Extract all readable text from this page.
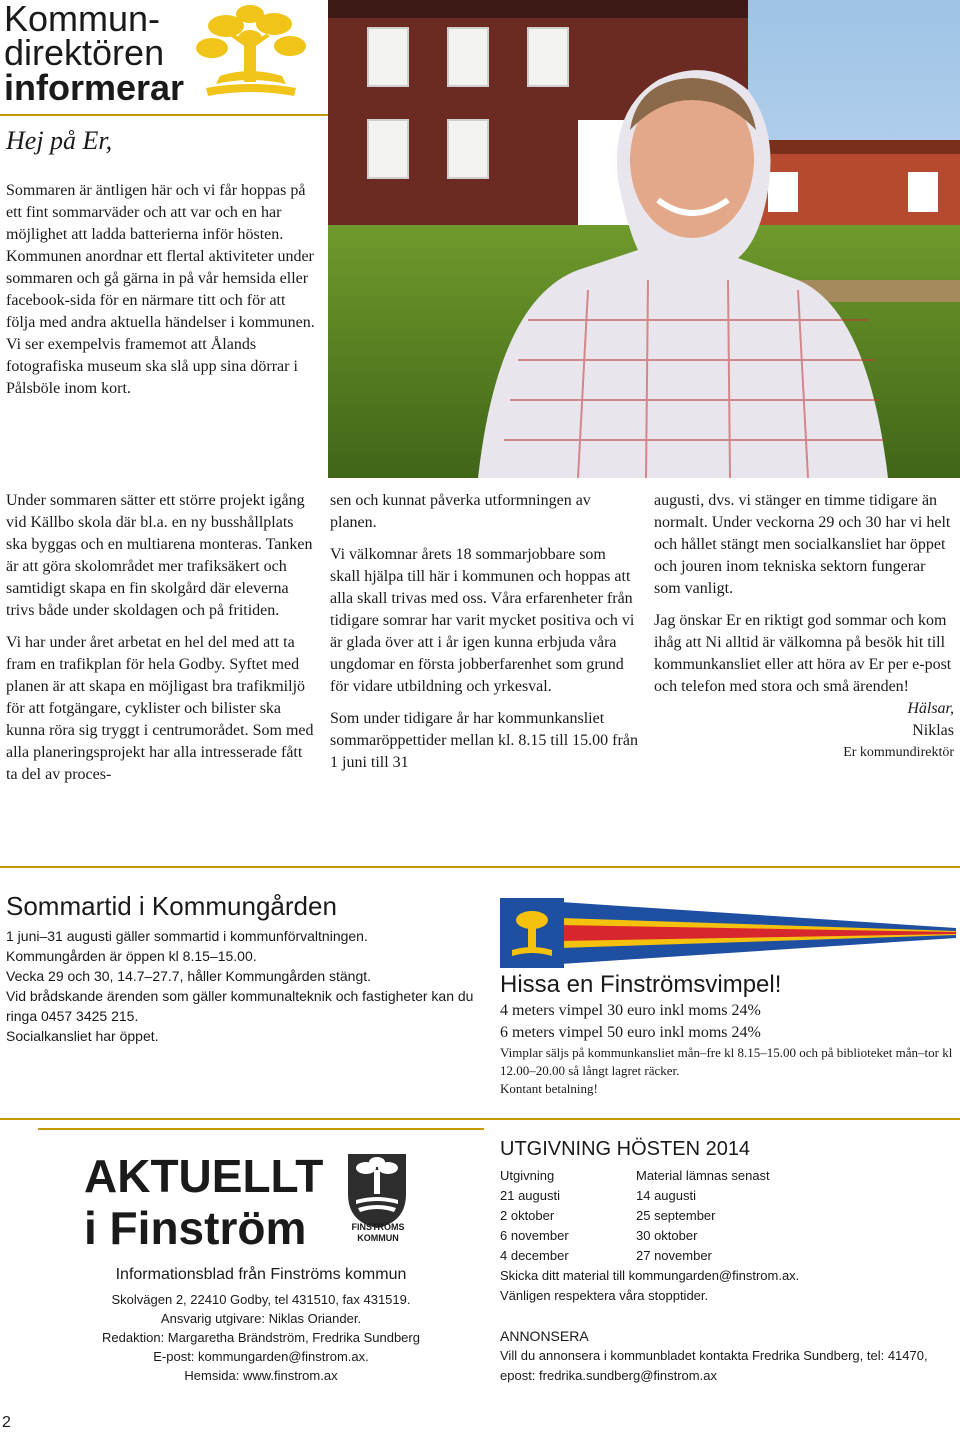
Kommun-
direktören
informerar
Hej på Er,

Sommaren är äntligen här och vi får hoppas på ett fint sommarväder och att var och en har möjlighet att ladda batterierna inför hösten.

Kommunen anordnar ett flertal aktiviteter under sommaren och gå gärna in på vår hemsida eller facebook-sida för en närmare titt och för att följa med andra aktuella händelser i kommunen.

Vi ser exempelvis framemot att Ålands fotografiska museum ska slå upp sina dörrar i Pålsböle inom kort.

Under sommaren sätter ett större projekt igång vid Källbo skola där bl.a. en ny busshållplats ska byggas och en multiarena monteras. Tanken är att göra skolområdet mer trafiksäkert och samtidigt skapa en fin skolgård där eleverna trivs både under skoldagen och på fritiden.

Vi har under året arbetat en hel del med att ta fram en trafikplan för hela Godby. Syftet med planen är att skapa en möjligast bra trafikmiljö för att fotgängare, cyklister och bilister ska kunna röra sig tryggt i centrumorådet. Som med alla planeringsprojekt har alla intresserade fått ta del av proces-

sen och kunnat påverka utformningen av planen.

Vi välkomnar årets 18 sommarjobbare som skall hjälpa till här i kommunen och hoppas att alla skall trivas med oss. Våra erfarenheter från tidigare somrar har varit mycket positiva och vi är glada över att i år igen kunna erbjuda våra ungdomar en första jobberfarenhet som grund för vidare utbildning och yrkesval.

Som under tidigare år har kommunkansliet sommaröppettider mellan kl. 8.15 till 15.00 från 1 juni till 31

augusti, dvs. vi stänger en timme tidigare än normalt. Under veckorna 29 och 30 har vi helt och hållet stängt men socialkansliet har öppet och jouren inom tekniska sektorn fungerar som vanligt.

Jag önskar Er en riktigt god sommar och kom ihåg att Ni alltid är välkomna på besök hit till kommunkansliet eller att höra av Er per e-post och telefon med stora och små ärenden!

Hälsar,
Niklas
Er kommundirektör
Sommartid i Kommungården
1 juni–31 augusti gäller sommartid i kommunförvaltningen.
Kommungården är öppen kl 8.15–15.00.
Vecka 29 och 30, 14.7–27.7, håller Kommungården stängt.
Vid brådskande ärenden som gäller kommunalteknik och fastigheter kan du ringa 0457 3425 215.
Socialkansliet har öppet.
Hissa en Finströmsvimpel!
4 meters vimpel 30 euro inkl moms 24%
6 meters vimpel 50 euro inkl moms 24%
Vimplar säljs på kommunkansliet mån–fre kl 8.15–15.00 och på biblioteket mån–tor kl 12.00–20.00 så långt lagret räcker.
Kontant betalning!
AKTUELLT
i Finström	FINSTRÖMS
KOMMUN
Informationsblad från Finströms kommun
Skolvägen 2, 22410 Godby, tel 431510, fax 431519.
Ansvarig utgivare: Niklas Oriander.
Redaktion: Margaretha Brändström, Fredrika Sundberg
E-post: kommungarden@finstrom.ax.
Hemsida: www.finstrom.ax
UTGIVNING HÖSTEN 2014
Utgivning	Material lämnas senast
21 augusti	14 augusti
2 oktober	25 september
6 november	30 oktober
4 december	27 november
Skicka ditt material till kommungarden@finstrom.ax.
Vänligen respektera våra stopptider.
ANNONSERA
Vill du annonsera i kommunbladet kontakta Fredrika Sundberg, tel: 41470, epost: fredrika.sundberg@finstrom.ax
2
